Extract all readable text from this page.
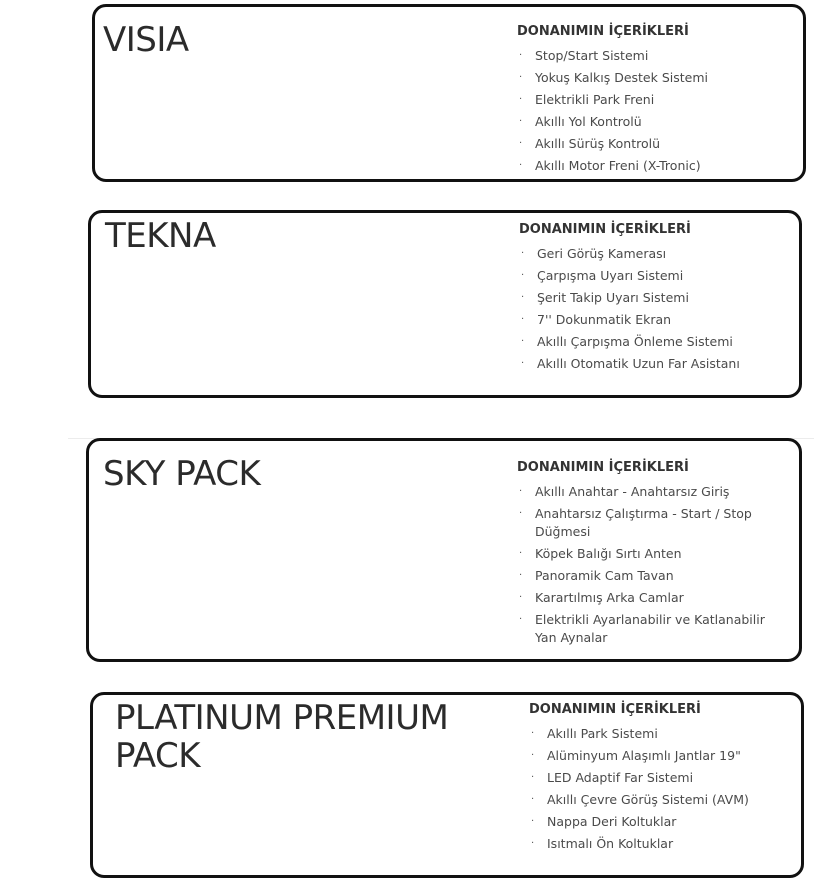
VISIA	DONANIMIN İÇERİKLERİ
· Stop/Start Sistemi
· Yokuş Kalkış Destek Sistemi
· Elektrikli Park Freni
· Akıllı Yol Kontrolü
· Akıllı Sürüş Kontrolü
· Akıllı Motor Freni (X-Tronic)
TEKNA	DONANIMIN İÇERİKLERİ
· Geri Görüş Kamerası
· Çarpışma Uyarı Sistemi
· Şerit Takip Uyarı Sistemi
· 7'' Dokunmatik Ekran
· Akıllı Çarpışma Önleme Sistemi
· Akıllı Otomatik Uzun Far Asistanı
SKY PACK	DONANIMIN İÇERİKLERİ
· Akıllı Anahtar - Anahtarsız Giriş
· Anahtarsız Çalıştırma - Start / Stop Düğmesi
· Köpek Balığı Sırtı Anten
· Panoramik Cam Tavan
· Karartılmış Arka Camlar
· Elektrikli Ayarlanabilir ve Katlanabilir Yan Aynalar
PLATINUM PREMIUM
PACK
DONANIMIN İÇERİKLERİ
· Akıllı Park Sistemi
· Alüminyum Alaşımlı Jantlar 19"
· LED Adaptif Far Sistemi
· Akıllı Çevre Görüş Sistemi (AVM)
· Nappa Deri Koltuklar
· Isıtmalı Ön Koltuklar
